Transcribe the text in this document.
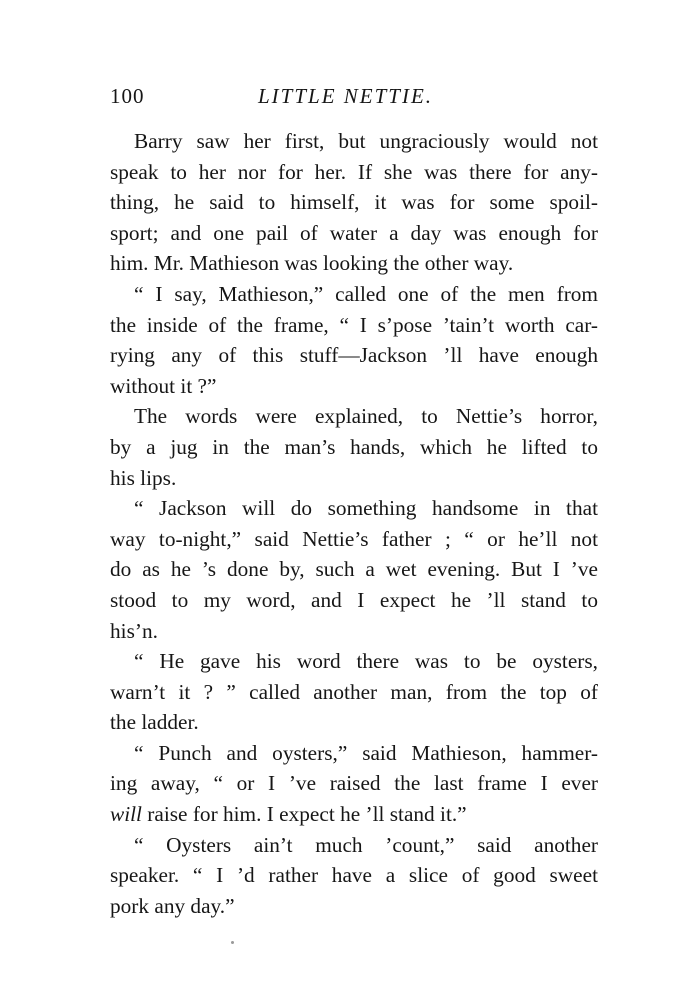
100	LITTLE NETTIE.
Barry saw her first, but ungraciously would not
speak to her nor for her. If she was there for any-
thing, he said to himself, it was for some spoil-
sport; and one pail of water a day was enough for
him. Mr. Mathieson was looking the other way.
“ I say, Mathieson,” called one of the men from
the inside of the frame, “ I s’pose ’tain’t worth car-
rying any of this stuff—Jackson ’ll have enough
without it ?”
The words were explained, to Nettie’s horror,
by a jug in the man’s hands, which he lifted to
his lips.
“ Jackson will do something handsome in that
way to-night,” said Nettie’s father ; “ or he’ll not
do as he ’s done by, such a wet evening. But I ’ve
stood to my word, and I expect he ’ll stand to
his’n.
“ He gave his word there was to be oysters,
warn’t it ? ” called another man, from the top of
the ladder.
“ Punch and oysters,” said Mathieson, hammer-
ing away, “ or I ’ve raised the last frame I ever
will raise for him. I expect he ’ll stand it.”
“ Oysters ain’t much ’count,” said another
speaker. “ I ’d rather have a slice of good sweet
pork any day.”
